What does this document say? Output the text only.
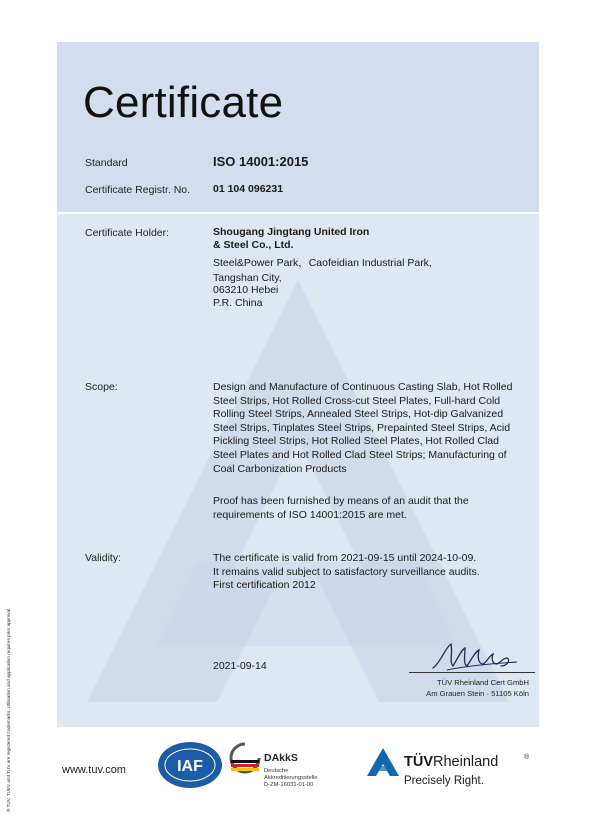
® TÜV, TUEV and TUV are registered trademarks. Utilisation and application requires prior approval.
Certificate
Standard	ISO 14001:2015
Certificate Registr. No. 01 104 096231
Certificate Holder:	Shougang Jingtang United Iron
& Steel Co., Ltd.
Steel&Power Park，Caofeidian Industrial Park,
Tangshan City,
063210 Hebei
P.R. China
Scope:	Design and Manufacture of Continuous Casting Slab, Hot Rolled
Steel Strips, Hot Rolled Cross-cut Steel Plates, Full-hard Cold
Rolling Steel Strips, Annealed Steel Strips, Hot-dip Galvanized
Steel Strips, Tinplates Steel Strips, Prepainted Steel Strips, Acid
Pickling Steel Strips, Hot Rolled Steel Plates, Hot Rolled Clad
Steel Plates and Hot Rolled Clad Steel Strips; Manufacturing of
Coal Carbonization Products
Proof has been furnished by means of an audit that the
requirements of ISO 14001:2015 are met.
Validity:	The certificate is valid from 2021-09-15 until 2024-10-09.
It remains valid subject to satisfactory surveillance audits.
First certification 2012
2021-09-14
TÜV Rheinland Cert GmbH
Am Grauen Stein · 51105 Köln
www.tuv.com	IAF	DAkkS
Deutsche
Akkreditierungsstelle
D-ZM-16031-01-00
TÜVRheinland	®
Precisely Right.
